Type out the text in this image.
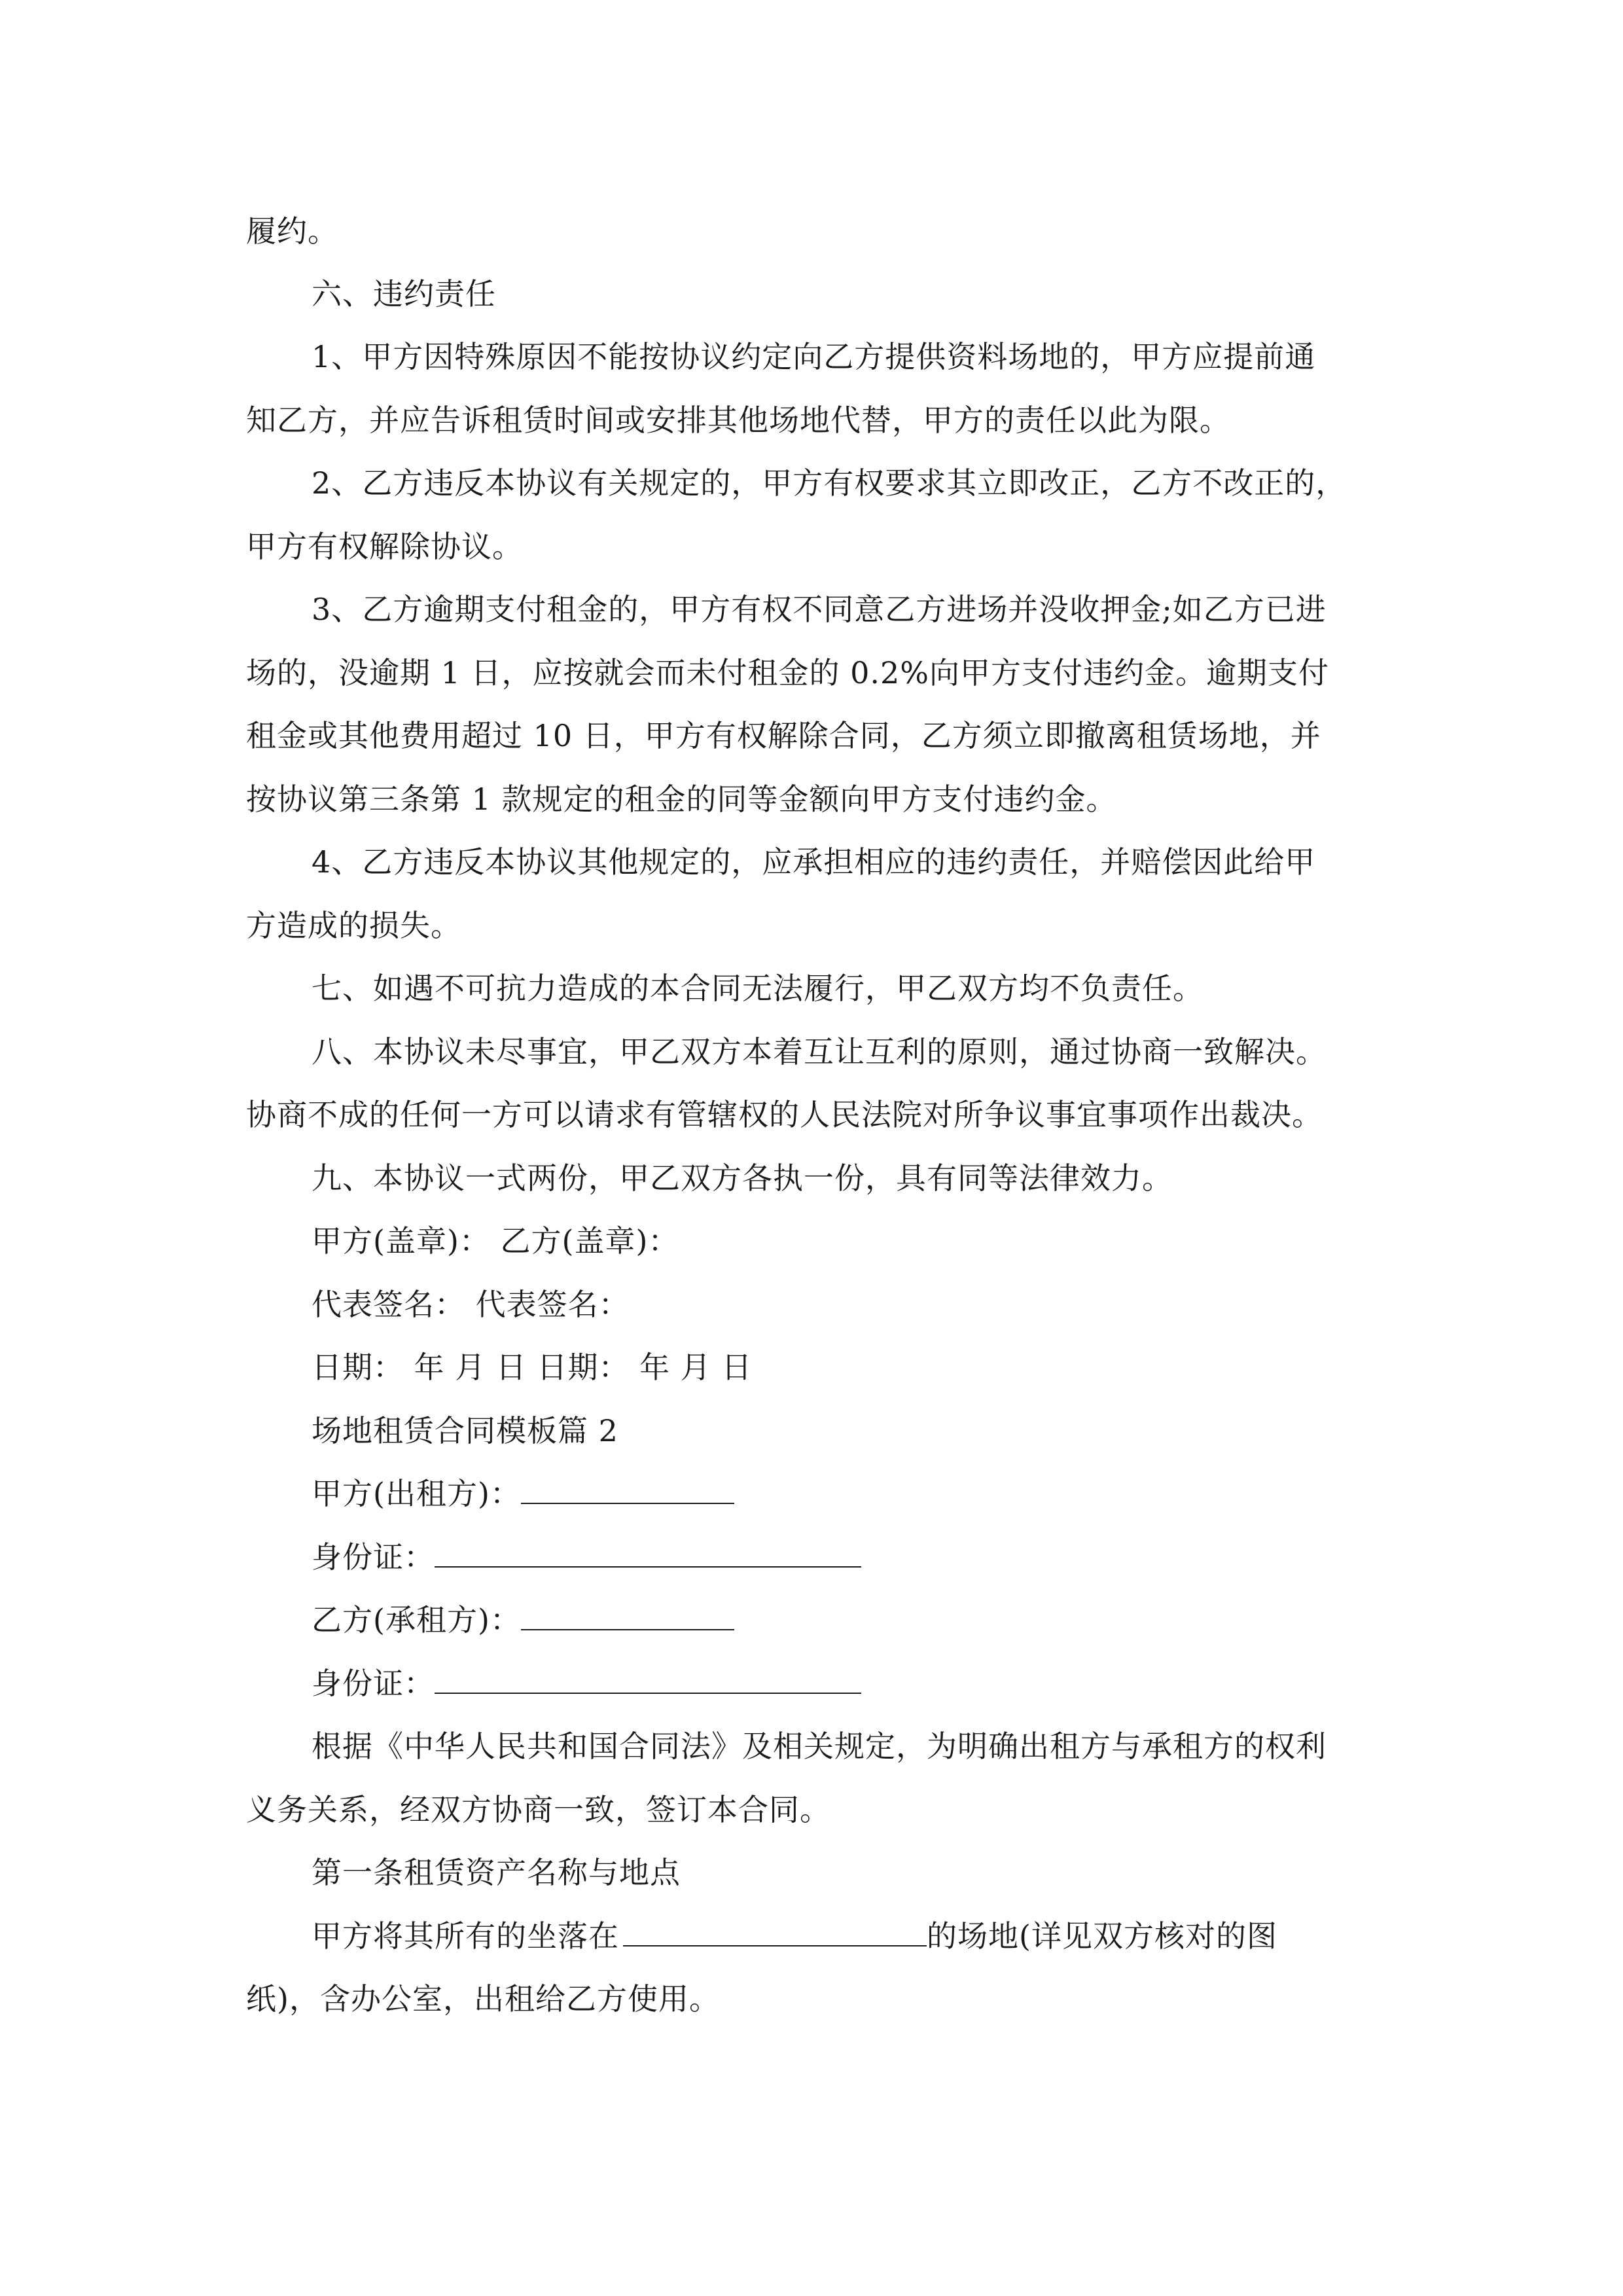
履约。
六、违约责任
1、甲方因特殊原因不能按协议约定向乙方提供资料场地的，甲方应提前通
知乙方，并应告诉租赁时间或安排其他场地代替，甲方的责任以此为限。
2、乙方违反本协议有关规定的，甲方有权要求其立即改正，乙方不改正的，
甲方有权解除协议。
3、乙方逾期支付租金的，甲方有权不同意乙方进场并没收押金;如乙方已进
场的，没逾期 1 日，应按就会而未付租金的 0.2%向甲方支付违约金。逾期支付
租金或其他费用超过 10 日，甲方有权解除合同，乙方须立即撤离租赁场地，并
按协议第三条第 1 款规定的租金的同等金额向甲方支付违约金。
4、乙方违反本协议其他规定的，应承担相应的违约责任，并赔偿因此给甲
方造成的损失。
七、如遇不可抗力造成的本合同无法履行，甲乙双方均不负责任。
八、本协议未尽事宜，甲乙双方本着互让互利的原则，通过协商一致解决。
协商不成的任何一方可以请求有管辖权的人民法院对所争议事宜事项作出裁决。
九、本协议一式两份，甲乙双方各执一份，具有同等法律效力。
甲方(盖章)： 乙方(盖章)：
代表签名： 代表签名：
日期： 年 月 日 日期： 年 月 日
场地租赁合同模板篇 2
甲方(出租方)：
身份证：
乙方(承租方)：
身份证：
根据《中华人民共和国合同法》及相关规定，为明确出租方与承租方的权利
义务关系，经双方协商一致，签订本合同。
第一条租赁资产名称与地点
甲方将其所有的坐落在	的场地(详见双方核对的图
纸)，含办公室，出租给乙方使用。
